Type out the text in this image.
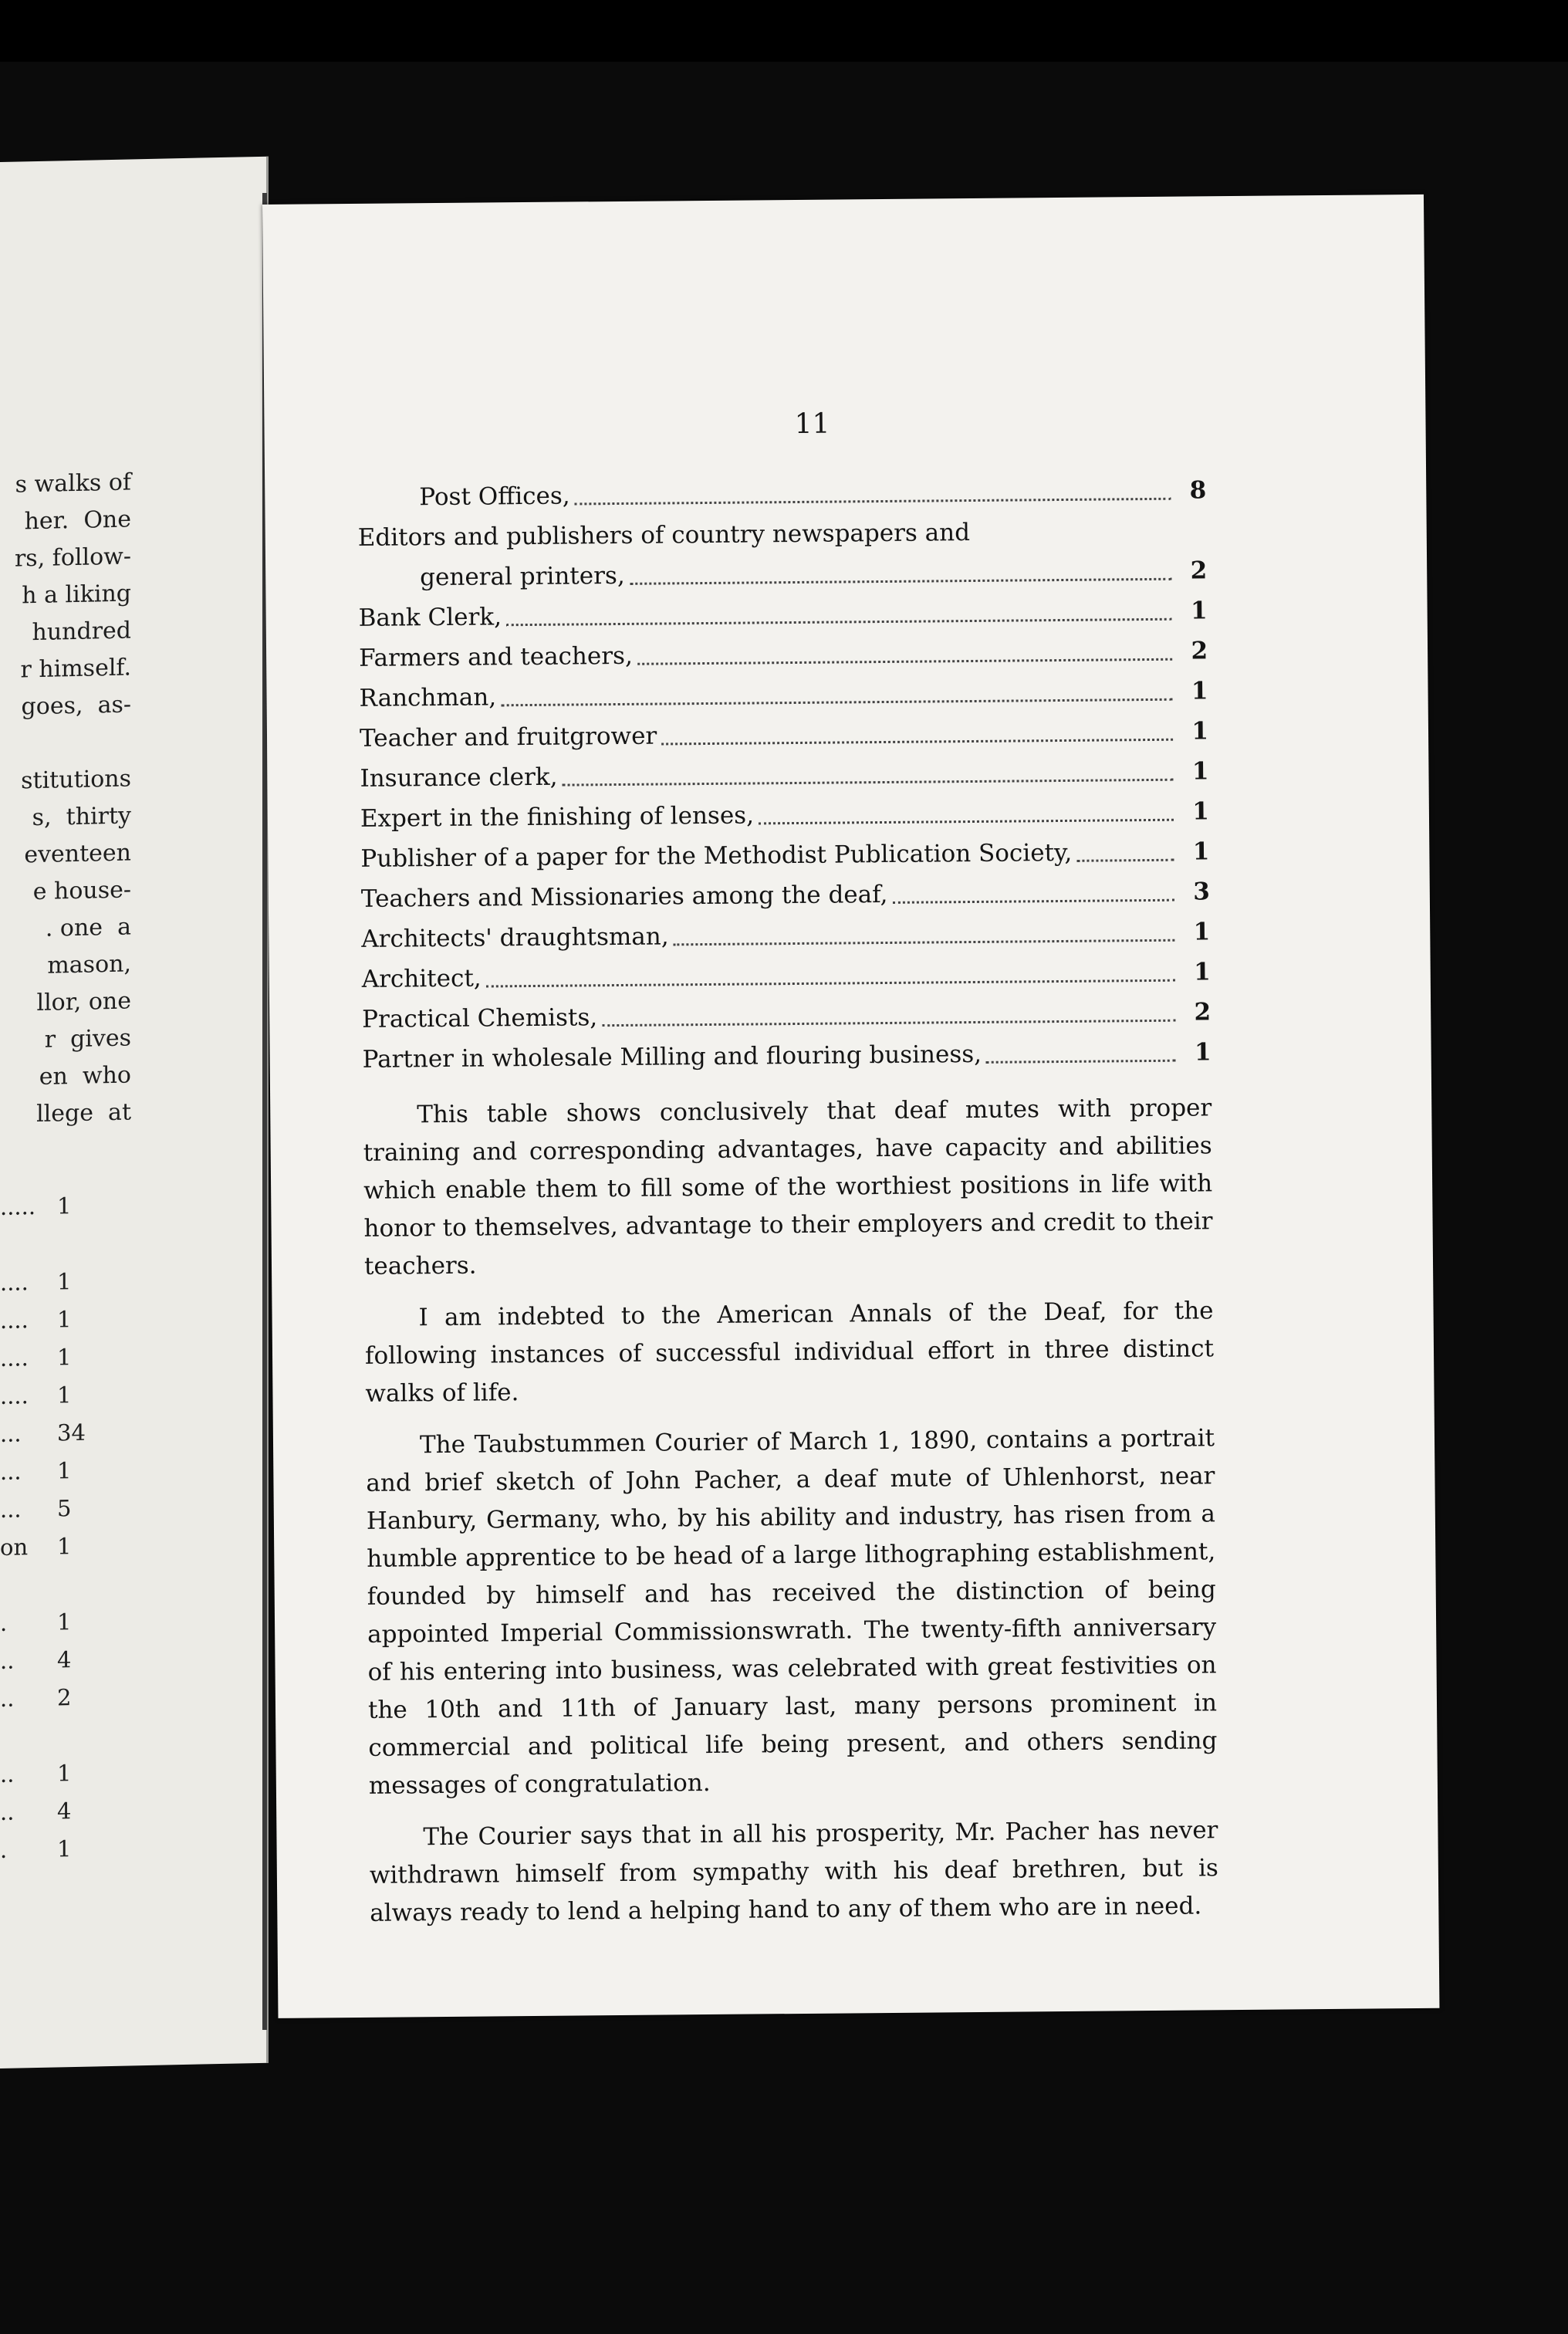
s walks of
her.  One
rs, follow-
h a liking
hundred
r himself.
goes,  as-
stitutions
s,  thirty
eventeen
e house-
. one  a
mason,
llor, one
r  gives
en  who
llege  at
..... 1
....	1
....	1
....	1
....	1
...	34
...	1
...	5
on	1
.	1
..	4
..	2
..	1
..	4
.	1
11
Post Offices,	8
Editors and publishers of country newspapers and
general printers,	2
Bank Clerk,	1
Farmers and teachers,	2
Ranchman,	1
Teacher and fruitgrower	1
Insurance clerk,	1
Expert in the finishing of lenses,	1
Publisher of a paper for the Methodist Publication Society,	1
Teachers and Missionaries among the deaf,	3
Architects' draughtsman,	1
Architect,	1
Practical Chemists,	2
Partner in wholesale Milling and flouring business,	1

This table shows conclusively that deaf mutes with proper training and corresponding advantages, have capacity and abilities which enable them to fill some of the worthiest positions in life with honor to themselves, advantage to their employers and credit to their teachers.

I am indebted to the American Annals of the Deaf, for the following instances of successful individual effort in three distinct walks of life.

The Taubstummen Courier of March 1, 1890, contains a portrait and brief sketch of John Pacher, a deaf mute of Uhlenhorst, near Hanbury, Germany, who, by his ability and industry, has risen from a humble apprentice to be head of a large lithographing establishment, founded by himself and has received the distinction of being appointed Imperial Commissionswrath. The twenty-fifth anniversary of his entering into business, was celebrated with great festivities on the 10th and 11th of January last, many persons prominent in commercial and political life being present, and others sending messages of congratulation.

The Courier says that in all his prosperity, Mr. Pacher has never withdrawn himself from sympathy with his deaf brethren, but is always ready to lend a helping hand to any of them who are in need.
